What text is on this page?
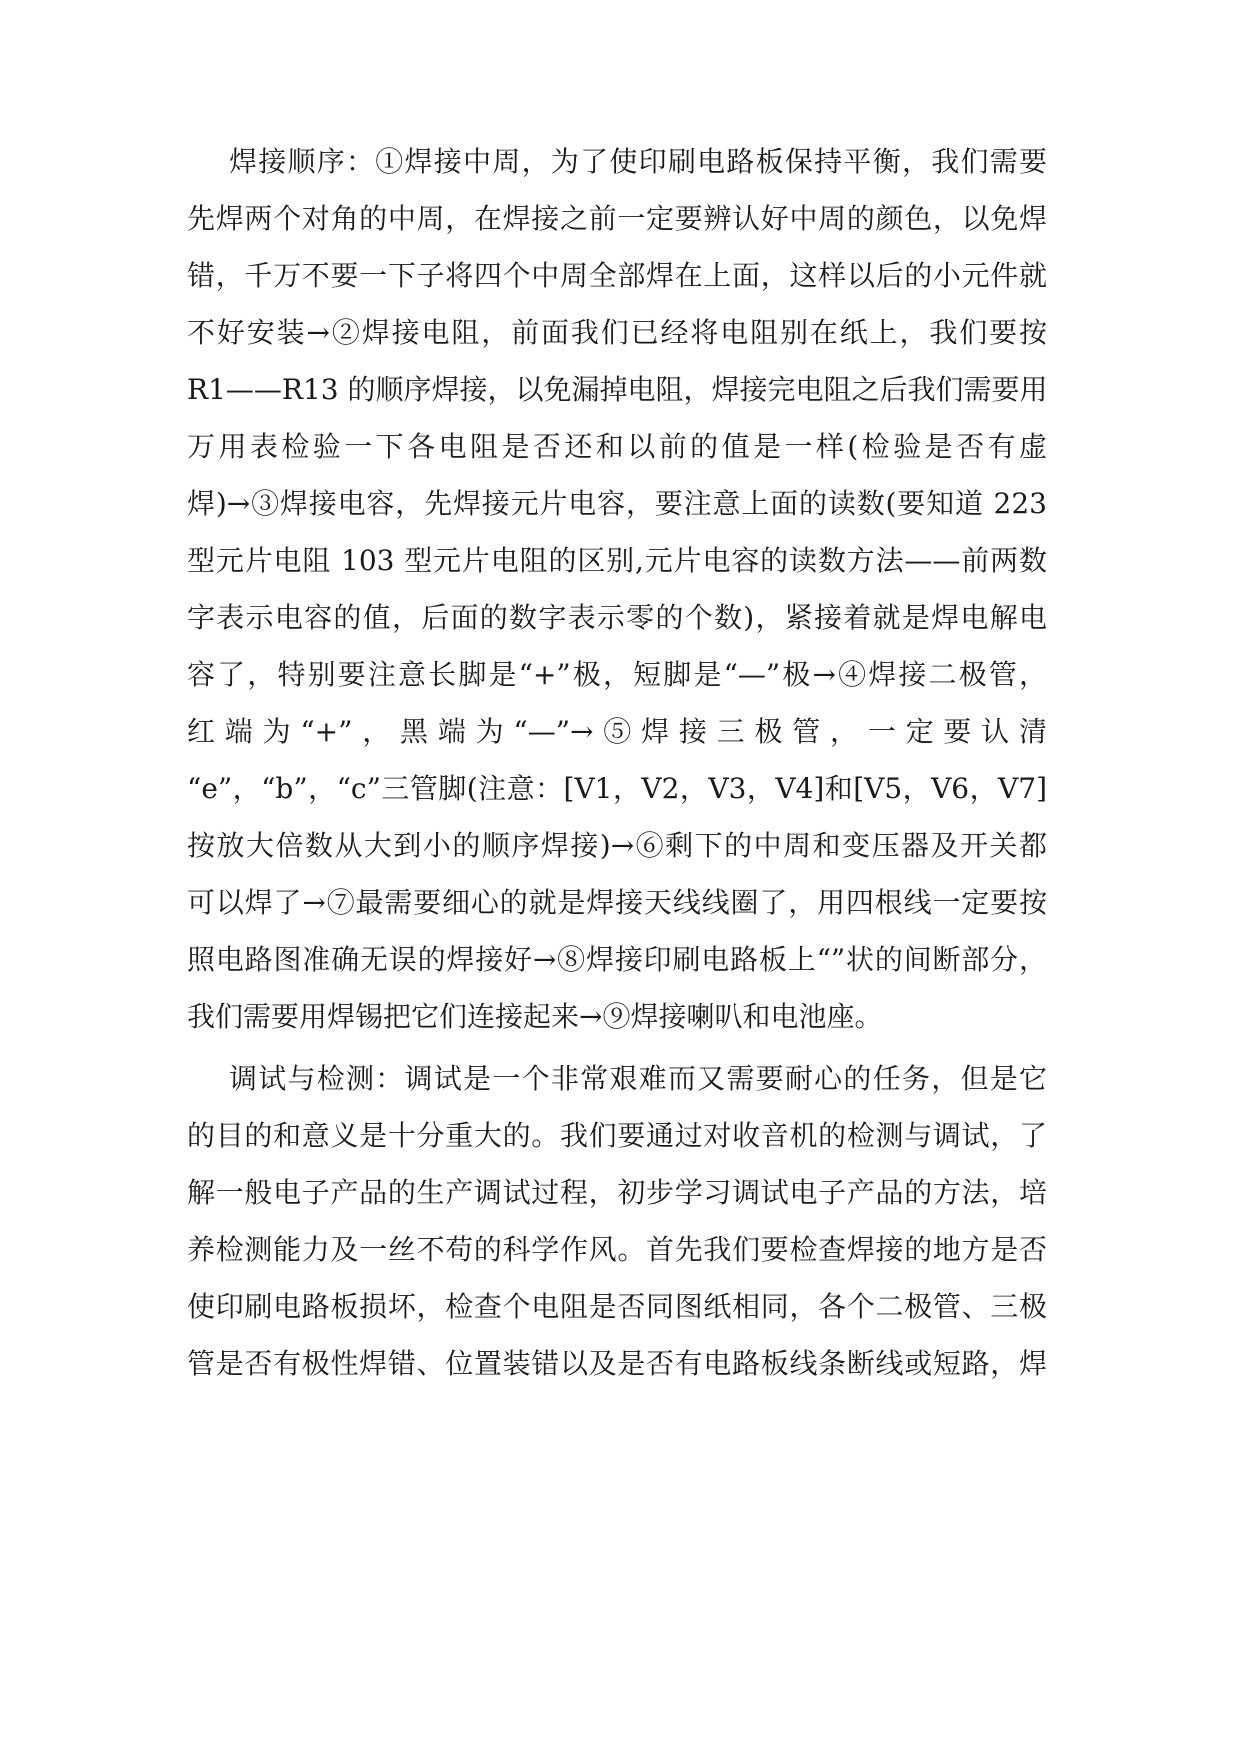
焊接顺序：①焊接中周，为了使印刷电路板保持平衡，我们需要
先焊两个对角的中周，在焊接之前一定要辨认好中周的颜色，以免焊
错，千万不要一下子将四个中周全部焊在上面，这样以后的小元件就
不好安装→②焊接电阻，前面我们已经将电阻别在纸上，我们要按
R1——R13 的顺序焊接，以免漏掉电阻，焊接完电阻之后我们需要用
万用表检验一下各电阻是否还和以前的值是一样(检验是否有虚
焊)→③焊接电容，先焊接元片电容，要注意上面的读数(要知道 223
型元片电阻 103 型元片电阻的区别,元片电容的读数方法——前两数
字表示电容的值，后面的数字表示零的个数)，紧接着就是焊电解电
容了，特别要注意长脚是“+”极，短脚是“—”极→④焊接二极管，
红端为“+”，黑端为“—”→⑤焊接三极管，一定要认清
“e”，“b”，“c”三管脚(注意：[V1，V2，V3，V4]和[V5，V6，V7]
按放大倍数从大到小的顺序焊接)→⑥剩下的中周和变压器及开关都
可以焊了→⑦最需要细心的就是焊接天线线圈了，用四根线一定要按
照电路图准确无误的焊接好→⑧焊接印刷电路板上“”状的间断部分，
我们需要用焊锡把它们连接起来→⑨焊接喇叭和电池座。
调试与检测：调试是一个非常艰难而又需要耐心的任务，但是它
的目的和意义是十分重大的。我们要通过对收音机的检测与调试，了
解一般电子产品的生产调试过程，初步学习调试电子产品的方法，培
养检测能力及一丝不苟的科学作风。首先我们要检查焊接的地方是否
使印刷电路板损坏，检查个电阻是否同图纸相同，各个二极管、三极
管是否有极性焊错、位置装错以及是否有电路板线条断线或短路，焊
